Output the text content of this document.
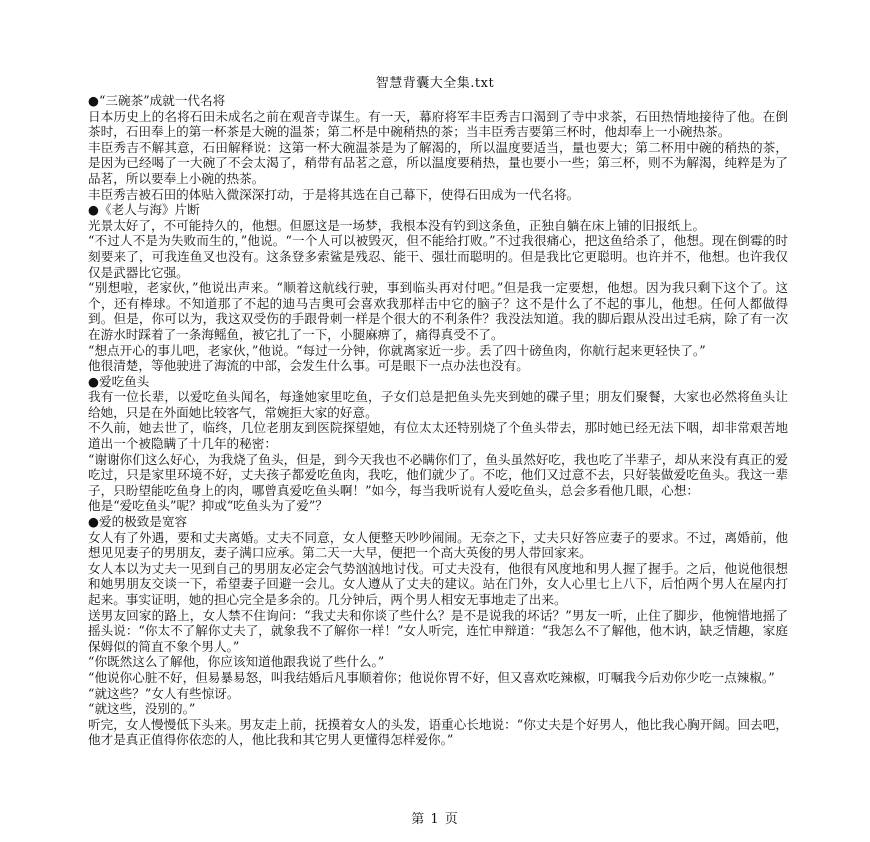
智慧背囊大全集.txt

●“三碗茶”成就一代名将

日本历史上的名将石田未成名之前在观音寺谋生。有一天，幕府将军丰臣秀吉口渴到了寺中求茶，石田热情地接待了他。在倒茶时，石田奉上的第一杯茶是大碗的温茶；第二杯是中碗稍热的茶；当丰臣秀吉要第三杯时，他却奉上一小碗热茶。

丰臣秀吉不解其意，石田解释说：这第一杯大碗温茶是为了解渴的，所以温度要适当，量也要大；第二杯用中碗的稍热的茶，是因为已经喝了一大碗了不会太渴了，稍带有品茗之意，所以温度要稍热，量也要小一些；第三杯，则不为解渴，纯粹是为了品茗，所以要奉上小碗的热茶。

丰臣秀吉被石田的体贴入微深深打动，于是将其选在自己幕下，使得石田成为一代名将。

●《老人与海》片断

光景太好了，不可能持久的，他想。但愿这是一场梦，我根本没有钓到这条鱼，正独自躺在床上铺的旧报纸上。

“不过人不是为失败而生的，”他说。“一个人可以被毁灭，但不能给打败。”不过我很痛心，把这鱼给杀了，他想。现在倒霉的时刻要来了，可我连鱼叉也没有。这条登多索鲨是残忍、能干、强壮而聪明的。但是我比它更聪明。也许并不，他想。也许我仅仅是武器比它强。

“别想啦，老家伙，”他说出声来。“顺着这航线行驶，事到临头再对付吧。”但是我一定要想，他想。因为我只剩下这个了。这个，还有棒球。不知道那了不起的迪马吉奥可会喜欢我那样击中它的脑子？这不是什么了不起的事儿，他想。任何人都做得到。但是，你可以为，我这双受伤的手跟骨刺一样是个很大的不利条件？我没法知道。我的脚后跟从没出过毛病，除了有一次在游水时踩着了一条海鳐鱼，被它扎了一下，小腿麻痹了，痛得真受不了。

“想点开心的事儿吧，老家伙，”他说。“每过一分钟，你就离家近一步。丢了四十磅鱼肉，你航行起来更轻快了。”

他很清楚，等他驶进了海流的中部，会发生什么事。可是眼下一点办法也没有。

●爱吃鱼头

我有一位长辈，以爱吃鱼头闻名，每逢她家里吃鱼，子女们总是把鱼头先夹到她的碟子里；朋友们聚餐，大家也必然将鱼头让给她，只是在外面她比较客气，常婉拒大家的好意。

不久前，她去世了，临终，几位老朋友到医院探望她，有位太太还特别烧了个鱼头带去，那时她已经无法下咽，却非常艰苦地道出一个被隐瞒了十几年的秘密：

“谢谢你们这么好心，为我烧了鱼头，但是，到今天我也不必瞒你们了，鱼头虽然好吃，我也吃了半辈子，却从来没有真正的爱吃过，只是家里环境不好，丈夫孩子都爱吃鱼肉，我吃，他们就少了。不吃，他们又过意不去，只好装做爱吃鱼头。我这一辈子，只盼望能吃鱼身上的肉，哪曾真爱吃鱼头啊！”如今，每当我听说有人爱吃鱼头，总会多看他几眼，心想：

他是“爱吃鱼头”呢？抑或“吃鱼头为了爱”？

●爱的极致是宽容

女人有了外遇，要和丈夫离婚。丈夫不同意，女人便整天吵吵闹闹。无奈之下，丈夫只好答应妻子的要求。不过，离婚前，他想见见妻子的男朋友，妻子满口应承。第二天一大早，便把一个高大英俊的男人带回家来。

女人本以为丈夫一见到自己的男朋友必定会气势汹汹地讨伐。可丈夫没有，他很有风度地和男人握了握手。之后，他说他很想和她男朋友交谈一下，希望妻子回避一会儿。女人遵从了丈夫的建议。站在门外，女人心里七上八下，后怕两个男人在屋内打起来。事实证明，她的担心完全是多余的。几分钟后，两个男人相安无事地走了出来。

送男友回家的路上，女人禁不住询问：“我丈夫和你谈了些什么？是不是说我的坏话？”男友一听，止住了脚步，他惋惜地摇了摇头说：“你太不了解你丈夫了，就象我不了解你一样！”女人听完，连忙申辩道：“我怎么不了解他，他木讷，缺乏情趣，家庭保姆似的简直不象个男人。”

“你既然这么了解他，你应该知道他跟我说了些什么。”

“他说你心脏不好，但易暴易怒，叫我结婚后凡事顺着你；他说你胃不好，但又喜欢吃辣椒，叮嘱我今后劝你少吃一点辣椒。”

“就这些？”女人有些惊讶。

“就这些，没别的。”

听完，女人慢慢低下头来。男友走上前，抚摸着女人的头发，语重心长地说：“你丈夫是个好男人，他比我心胸开阔。回去吧，他才是真正值得你依恋的人，他比我和其它男人更懂得怎样爱你。”

第 1 页
